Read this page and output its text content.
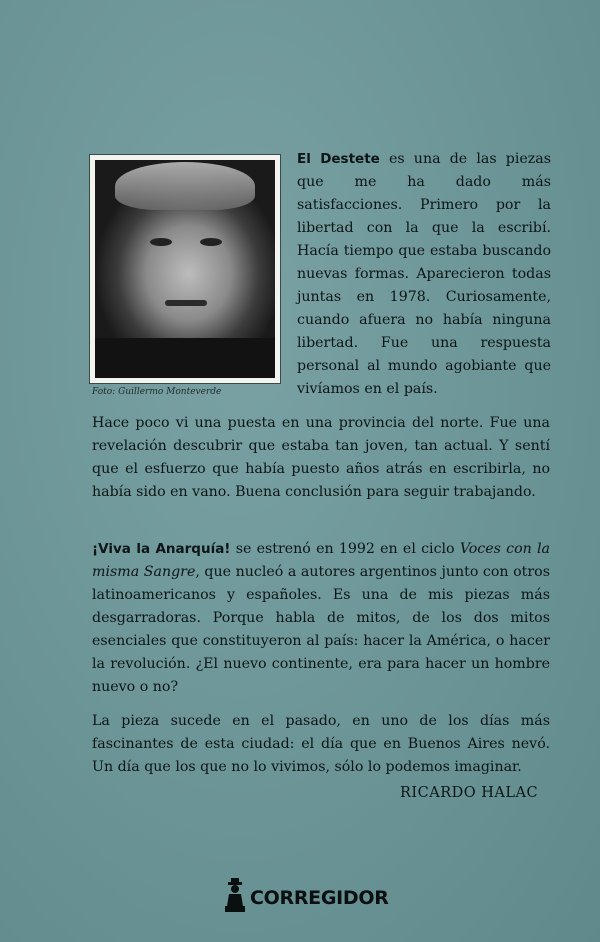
Foto: Guillermo Monteverde
El Destete es una de las piezas que me ha dado más satisfacciones. Primero por la libertad con la que la escribí. Hacía tiempo que estaba buscando nuevas formas. Aparecieron todas juntas en 1978. Curiosamente, cuando afuera no había ninguna libertad. Fue una respuesta personal al mundo agobiante que vivíamos en el país.
Hace poco vi una puesta en una provincia del norte. Fue una revelación descubrir que estaba tan joven, tan actual. Y sentí que el esfuerzo que había puesto años atrás en escribirla, no había sido en vano. Buena conclusión para seguir trabajando.
¡Viva la Anarquía! se estrenó en 1992 en el ciclo Voces con la misma Sangre, que nucleó a autores argentinos junto con otros latinoamericanos y españoles. Es una de mis piezas más desgarradoras. Porque habla de mitos, de los dos mitos esenciales que constituyeron al país: hacer la América, o hacer la revolución. ¿El nuevo continente, era para hacer un hombre nuevo o no?
La pieza sucede en el pasado, en uno de los días más fascinantes de esta ciudad: el día que en Buenos Aires nevó. Un día que los que no lo vivimos, sólo lo podemos imaginar.
RICARDO HALAC
CORREGIDOR
